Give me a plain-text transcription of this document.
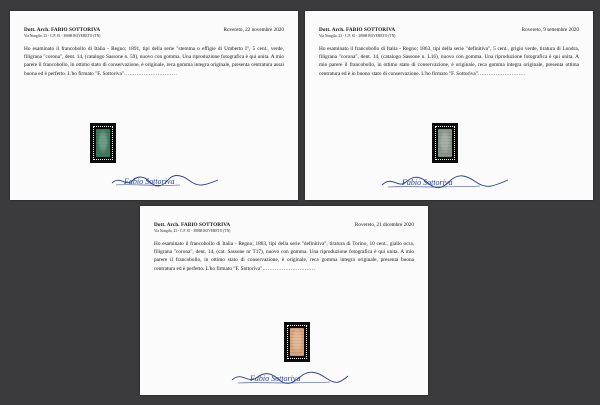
Dott. Arch. FABIO SOTTORIVA
Via Nongilo, 23 - C.P. 81 - 38068 ROVERETO (TN)
Rovereto, 22 novembre 2020
Ho esaminato il francobollo di Italia - Regno; 1891, tipi della serie "stemma o effigie di Umberto I", 5 cent., verde, filigrana "corona", dent. 14, (catalogo Sassone n. 59), nuovo con gomma. Una riproduzione fotografica è qui unita. A mio parere il francobollo, in ottimo stato di conservazione, è originale, reca gomma integra originale, presenta centratura assai buona ed è perfetto. L'ho firmato "F. Sottoriva"…………………………
Fabio Sottoriva
Dott. Arch. FABIO SOTTORIVA
Via Nongilo, 23 - C.P. 81 - 38068 ROVERETO (TN)
Rovereto, 9 settembre 2020
Ho esaminato il francobollo di Italia - Regno; 1863, tipi della serie "definitiva", 5 cent., grigio verde, tiratura di Londra, filigrana "corona", dent. 14, (catalogo Sassone n. L16), nuovo con gomma. Una riproduzione fotografica è qui unita. A mio parere il francobollo, in ottimo stato di conservazione, è originale, reca gomma integra originale, presenta ottima centratura ed è in buono stato di conservazione. L'ho firmato "F. Sottoriva"………………………
Fabio Sottoriva
Dott. Arch. FABIO SOTTORIVA
Via Nongilo, 23 - C.P. 81 - 38068 ROVERETO (TN)
Rovereto, 21 dicembre 2020
Ho esaminato il francobollo di Italia - Regno; 1863, tipi della serie "definitiva", tiratura di Torino, 10 cent., giallo ocra, filigrana "corona", dent. 14, (cat. Sassone nr T17), nuovo con gomma. Una riproduzione fotografica è qui unita. A mio parere il francobollo, in ottimo stato di conservazione, è originale, reca gomma integra originale, presenta buona centratura ed è perfetto. L'ho firmato "F. Sottoriva"…………………………
Fabio Sottoriva
